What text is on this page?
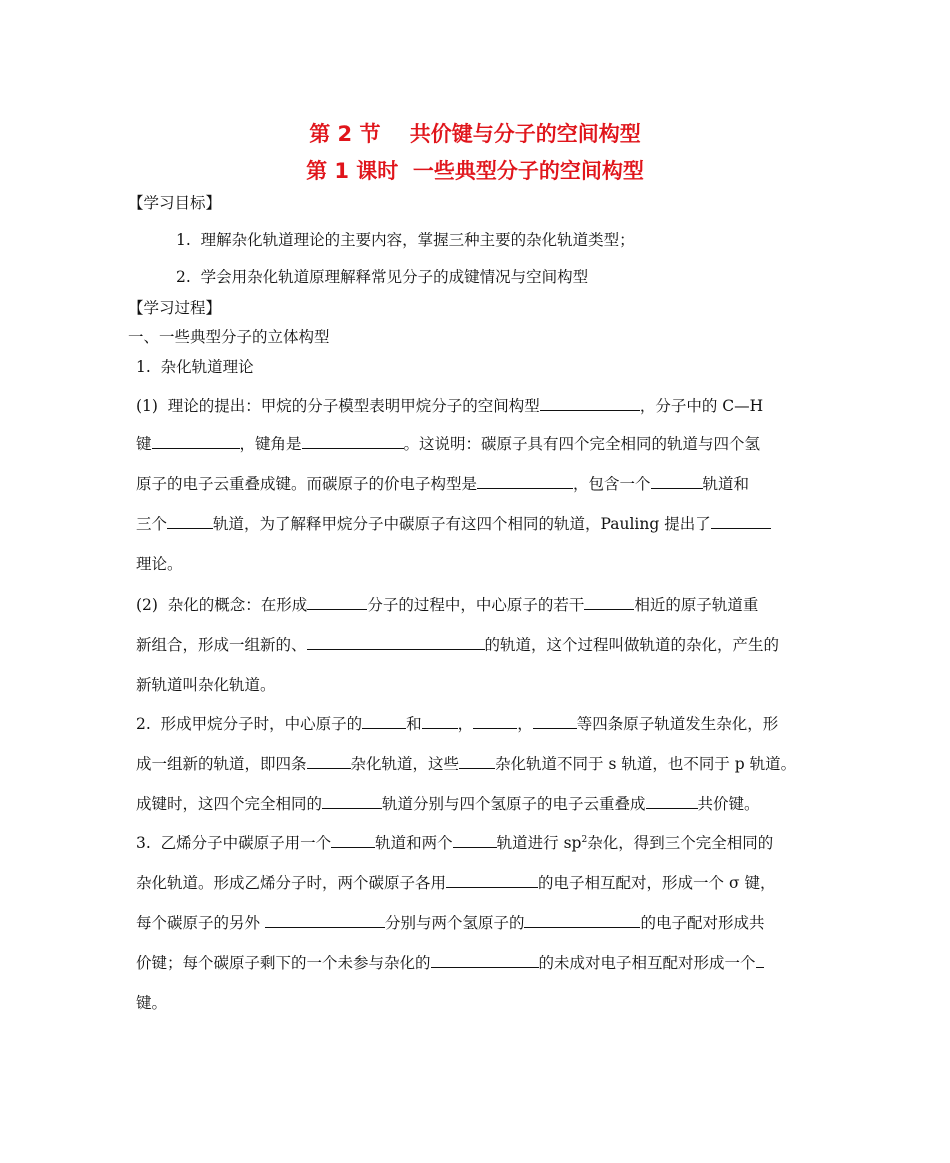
第 2 节    共价键与分子的空间构型
第 1 课时  一些典型分子的空间构型
【学习目标】
1.  理解杂化轨道理论的主要内容，掌握三种主要的杂化轨道类型；
2.  学会用杂化轨道原理解释常见分子的成键情况与空间构型
【学习过程】
一、一些典型分子的立体构型
1.  杂化轨道理论
(1)  理论的提出：甲烷的分子模型表明甲烷分子的空间构型	，分子中的 C—H
键	，键角是	。这说明：碳原子具有四个完全相同的轨道与四个氢
原子的电子云重叠成键。而碳原子的价电子构型是	，包含一个	轨道和
三个	轨道，为了解释甲烷分子中碳原子有这四个相同的轨道，Pauling 提出了
理论。
(2)  杂化的概念：在形成	分子的过程中，中心原子的若干	相近的原子轨道重
新组合，形成一组新的、	的轨道，这个过程叫做轨道的杂化，产生的
新轨道叫杂化轨道。
2.  形成甲烷分子时，中心原子的	和 ，	，	等四条原子轨道发生杂化，形
成一组新的轨道，即四条	杂化轨道，这些 杂化轨道不同于 s 轨道，也不同于 p 轨道。
成键时，这四个完全相同的	轨道分别与四个氢原子的电子云重叠成	共价键。
3.  乙烯分子中碳原子用一个	轨道和两个	轨道进行 $sp^2$杂化，得到三个完全相同的
杂化轨道。形成乙烯分子时，两个碳原子各用	的电子相互配对，形成一个 σ 键，
每个碳原子的另外	分别与两个氢原子的	的电子配对形成共
价键；每个碳原子剩下的一个未参与杂化的	的未成对电子相互配对形成一个
键。
